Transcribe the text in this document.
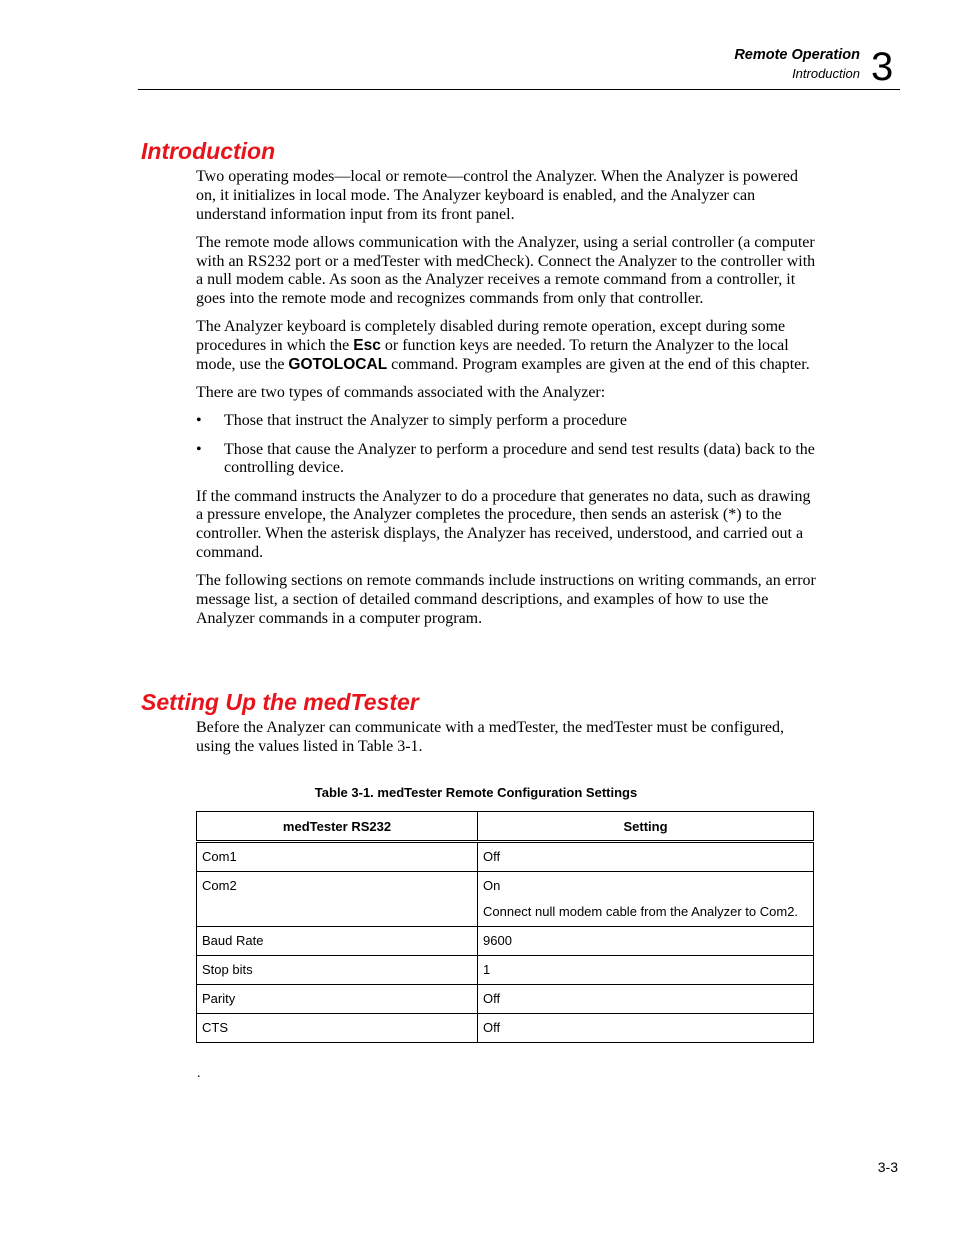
Remote Operation
Introduction 3
Introduction

Two operating modes—local or remote—control the Analyzer. When the Analyzer is powered on, it initializes in local mode. The Analyzer keyboard is enabled, and the Analyzer can understand information input from its front panel.

The remote mode allows communication with the Analyzer, using a serial controller (a computer with an RS232 port or a medTester with medCheck). Connect the Analyzer to the controller with a null modem cable. As soon as the Analyzer receives a remote command from a controller, it goes into the remote mode and recognizes commands from only that controller.

The Analyzer keyboard is completely disabled during remote operation, except during some procedures in which the Esc or function keys are needed. To return the Analyzer to the local mode, use the GOTOLOCAL command. Program examples are given at the end of this chapter.

There are two types of commands associated with the Analyzer:

• Those that instruct the Analyzer to simply perform a procedure
• Those that cause the Analyzer to perform a procedure and send test results (data) back to the controlling device.

If the command instructs the Analyzer to do a procedure that generates no data, such as drawing a pressure envelope, the Analyzer completes the procedure, then sends an asterisk (*) to the controller. When the asterisk displays, the Analyzer has received, understood, and carried out a command.

The following sections on remote commands include instructions on writing commands, an error message list, a section of detailed command descriptions, and examples of how to use the Analyzer commands in a computer program.

Setting Up the medTester

Before the Analyzer can communicate with a medTester, the medTester must be configured, using the values listed in Table 3-1.

Table 3-1. medTester Remote Configuration Settings
medTester RS232	Setting
Com1	Off
Com2	On

Connect null modem cable from the Analyzer to Com2.

Baud Rate	9600
Stop bits	1
Parity	Off
CTS	Off
.
3-3
